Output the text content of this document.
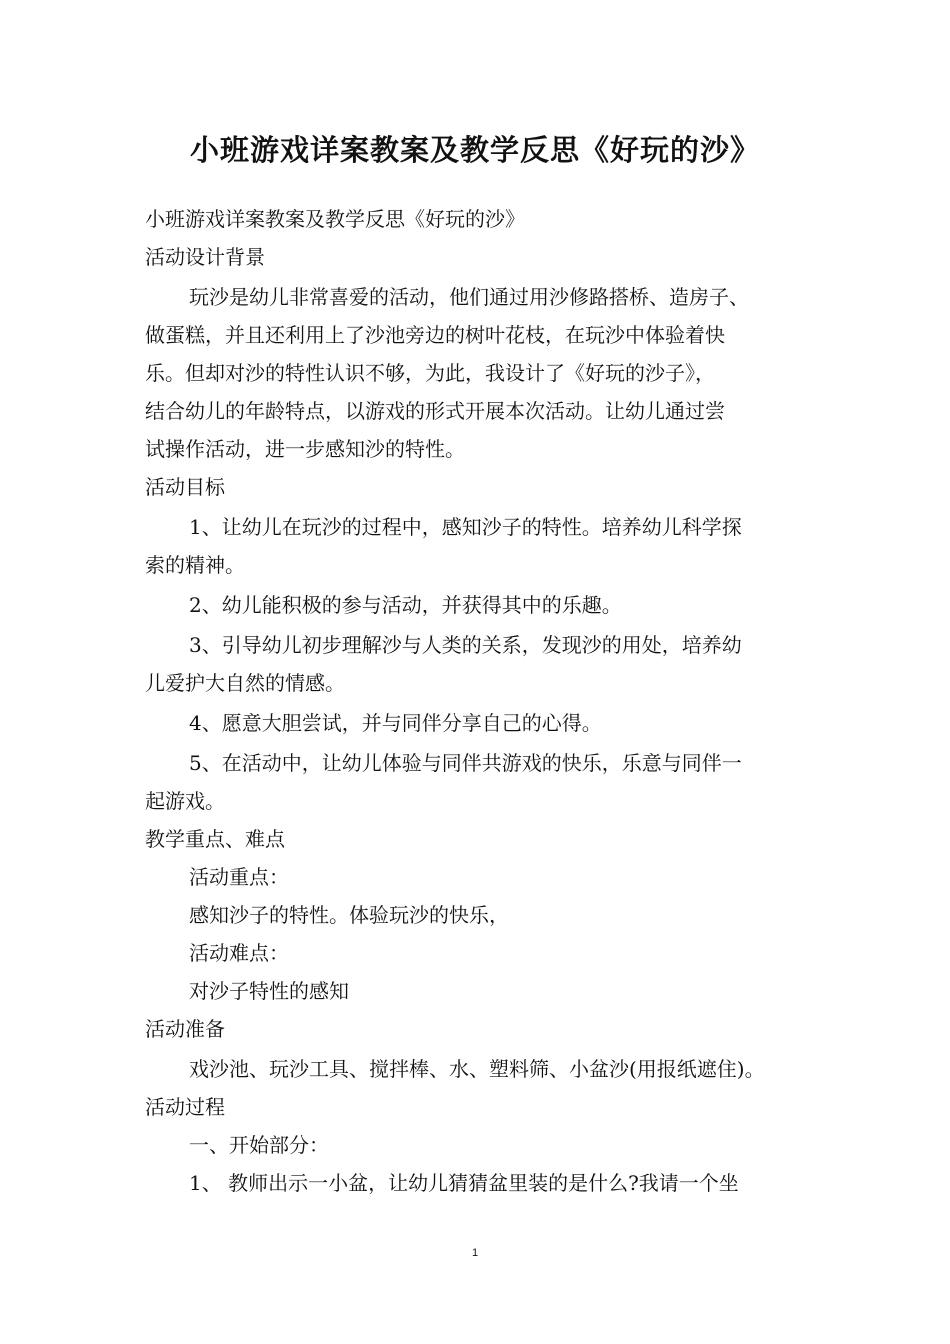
小班游戏详案教案及教学反思《好玩的沙》
小班游戏详案教案及教学反思《好玩的沙》
活动设计背景
玩沙是幼儿非常喜爱的活动，他们通过用沙修路搭桥、造房子、
做蛋糕，并且还利用上了沙池旁边的树叶花枝，在玩沙中体验着快
乐。但却对沙的特性认识不够，为此，我设计了《好玩的沙子》，
结合幼儿的年龄特点，以游戏的形式开展本次活动。让幼儿通过尝
试操作活动，进一步感知沙的特性。
活动目标
1、让幼儿在玩沙的过程中，感知沙子的特性。培养幼儿科学探
索的精神。
2、幼儿能积极的参与活动，并获得其中的乐趣。
3、引导幼儿初步理解沙与人类的关系，发现沙的用处，培养幼
儿爱护大自然的情感。
4、愿意大胆尝试，并与同伴分享自己的心得。
5、在活动中，让幼儿体验与同伴共游戏的快乐，乐意与同伴一
起游戏。
教学重点、难点
活动重点：
感知沙子的特性。体验玩沙的快乐，
活动难点：
对沙子特性的感知
活动准备
戏沙池、玩沙工具、搅拌棒、水、塑料筛、小盆沙(用报纸遮住)。
活动过程
一、开始部分：
1、 教师出示一小盆，让幼儿猜猜盆里装的是什么?我请一个坐
1
